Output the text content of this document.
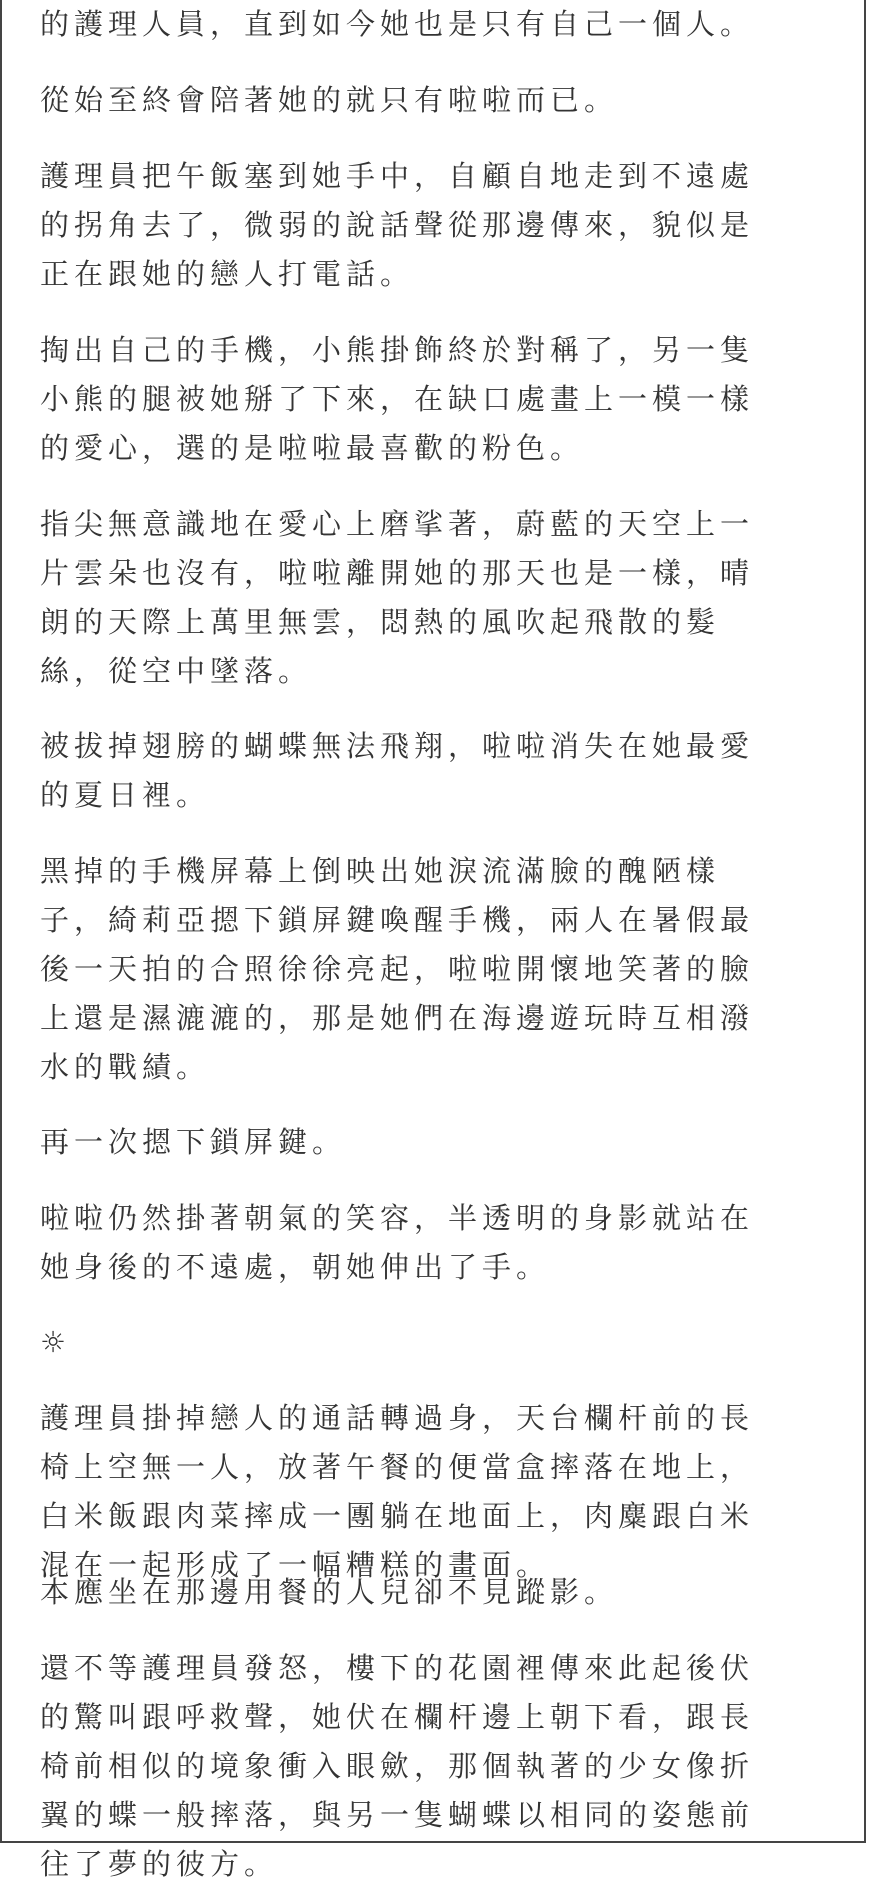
的護理人員，直到如今她也是只有自己一個人。

從始至終會陪著她的就只有啦啦而已。

護理員把午飯塞到她手中，自顧自地走到不遠處
的拐角去了，微弱的說話聲從那邊傳來，貌似是
正在跟她的戀人打電話。

掏出自己的手機，小熊掛飾終於對稱了，另一隻
小熊的腿被她掰了下來，在缺口處畫上一模一樣
的愛心，選的是啦啦最喜歡的粉色。

指尖無意識地在愛心上磨挲著，蔚藍的天空上一
片雲朵也沒有，啦啦離開她的那天也是一樣，晴
朗的天際上萬里無雲，悶熱的風吹起飛散的髮
絲，從空中墜落。

被拔掉翅膀的蝴蝶無法飛翔，啦啦消失在她最愛
的夏日裡。

黑掉的手機屏幕上倒映出她淚流滿臉的醜陋樣
子，綺莉亞摁下鎖屏鍵喚醒手機，兩人在暑假最
後一天拍的合照徐徐亮起，啦啦開懷地笑著的臉
上還是濕漉漉的，那是她們在海邊遊玩時互相潑
水的戰績。

再一次摁下鎖屏鍵。

啦啦仍然掛著朝氣的笑容，半透明的身影就站在
她身後的不遠處，朝她伸出了手。

☼

護理員掛掉戀人的通話轉過身，天台欄杆前的長
椅上空無一人，放著午餐的便當盒摔落在地上，
白米飯跟肉菜摔成一團躺在地面上，肉麋跟白米
混在一起形成了一幅糟糕的畫面。

本應坐在那邊用餐的人兒卻不見蹤影。

還不等護理員發怒，樓下的花園裡傳來此起後伏
的驚叫跟呼救聲，她伏在欄杆邊上朝下看，跟長
椅前相似的境象衝入眼歛，那個執著的少女像折
翼的蝶一般摔落，與另一隻蝴蝶以相同的姿態前
往了夢的彼方。
